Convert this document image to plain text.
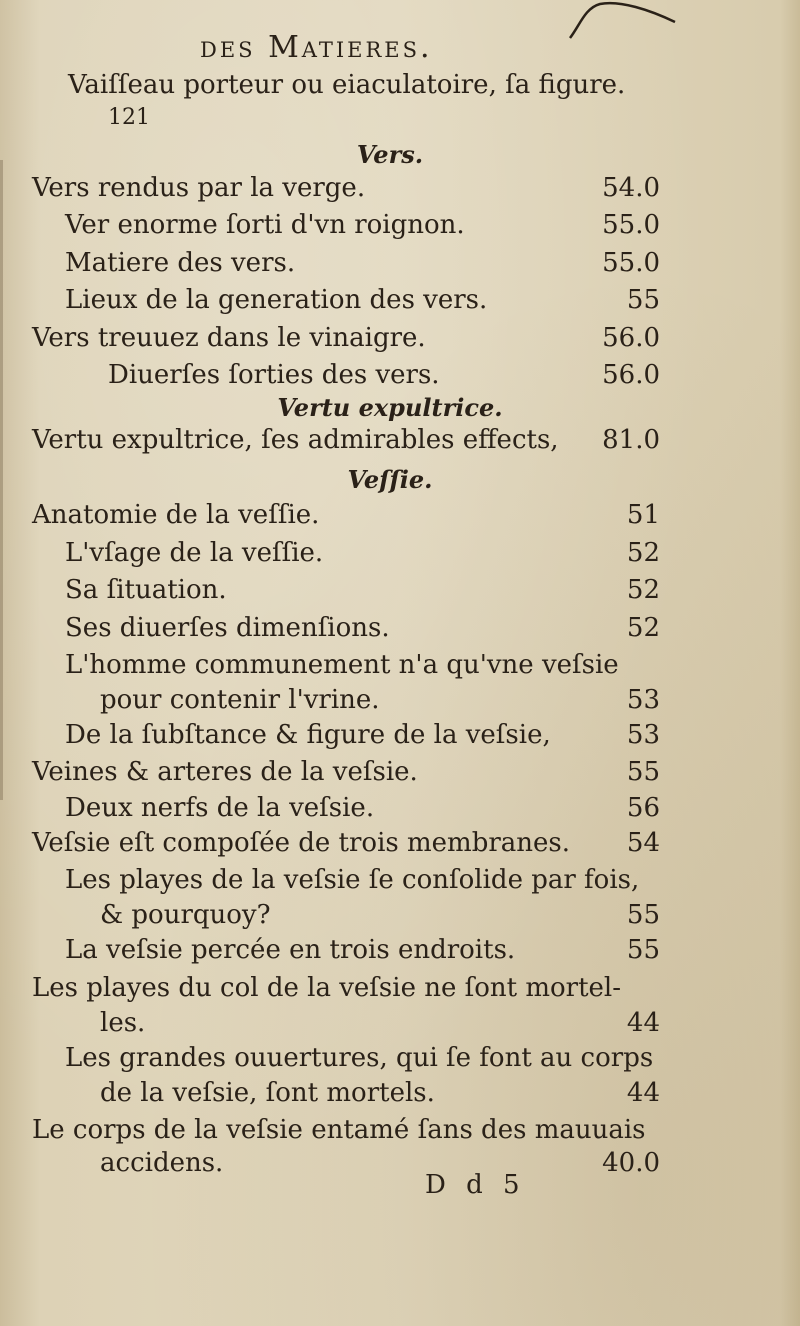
des Matieres.
Vaiſſeau porteur ou eiaculatoire, ſa figure.
121
Vers.
Vers rendus par la verge.	54.0
Ver enorme ſorti d'vn roignon.	55.0
Matiere des vers.	55.0
Lieux de la generation des vers.	55
Vers treuuez dans le vinaigre.	56.0
Diuerſes ſorties des vers.	56.0
Vertu expultrice.
Vertu expultrice, ſes admirables effects, 81.0
Veſſie.
Anatomie de la veſſie.	51
L'vſage de la veſſie.	52
Sa ſituation.	52
Ses diuerſes dimenſions.	52
L'homme communement n'a qu'vne veſsie
pour contenir l'vrine.	53
De la ſubſtance & figure de la veſsie,	53
Veines & arteres de la veſsie.	55
Deux nerfs de la veſsie.	56
Veſsie eſt compoſée de trois membranes. 54
Les playes de la veſsie ſe conſolide par fois,
& pourquoy?	55
La veſsie percée en trois endroits.	55
Les playes du col de la veſsie ne ſont mortel-
les.	44
Les grandes ouuertures, qui ſe font au corps
de la veſsie, ſont mortels.	44
Le corps de la veſsie entamé ſans des mauuais
accidens.	40.0
D d 5
